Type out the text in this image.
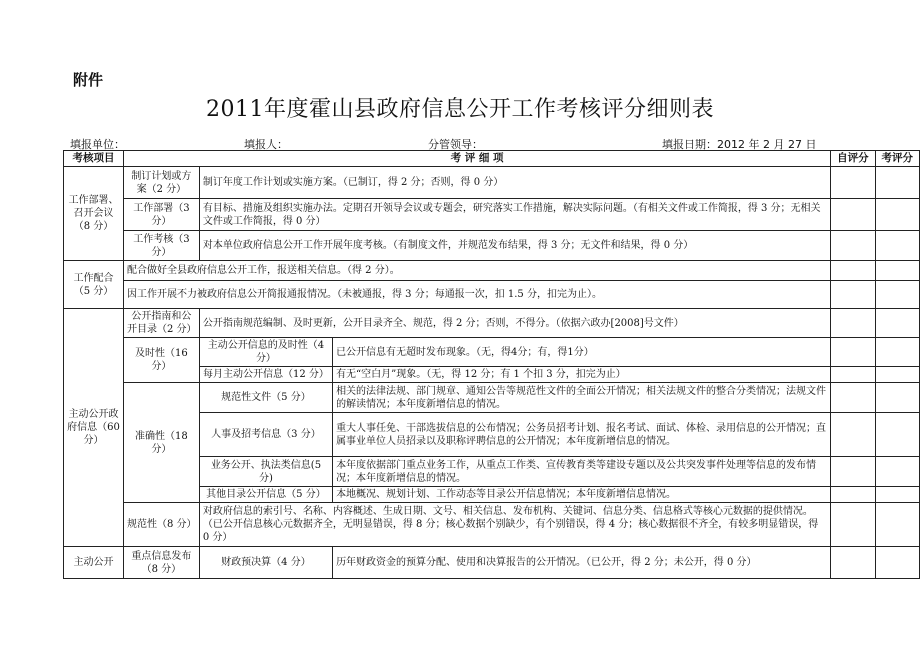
附件
2011年度霍山县政府信息公开工作考核评分细则表
填报单位：	填报人：	分管领导：	填报日期：2012 年 2 月 27 日
考核项目	考 评 细 项			自评分	考评分
工作部署、召开会议（8 分）	制订计划或方案（2 分）	制订年度工作计划或实施方案。（已制订，得 2 分；否则，得 0 分）			
	工作部署（3 分）	有目标、措施及组织实施办法。定期召开领导会议或专题会，研究落实工作措施，解决实际问题。（有相关文件或工作简报，得 3 分；无相关文件或工作简报，得 0 分）			
	工作考核（3 分）	对本单位政府信息公开工作开展年度考核。（有制度文件，并规范发布结果，得 3 分；无文件和结果，得 0 分）			
工作配合（5 分）	配合做好全县政府信息公开工作，报送相关信息。（得 2 分）。				
	因工作开展不力被政府信息公开简报通报情况。（未被通报，得 3 分；每通报一次，扣 1.5 分，扣完为止）。				
主动公开政府信息（60 分）	公开指南和公开目录（2 分）	公开指南规范编制、及时更新，公开目录齐全、规范，得 2 分；否则，不得分。（依据六政办[2008]号文件）			
	及时性（16 分）	主动公开信息的及时性（4 分）	已公开信息有无超时发布现象。（无，得4分；有，得1分）		
		每月主动公开信息（12 分）	有无“空白月”现象。（无，得 12 分；有 1 个扣 3 分，扣完为止）		
	准确性（18 分）	规范性文件（5 分）	相关的法律法规、部门规章、通知公告等规范性文件的全面公开情况；相关法规文件的整合分类情况；法规文件的解读情况；本年度新增信息的情况。		
		人事及招考信息（3 分）	重大人事任免、干部选拔信息的公布情况；公务员招考计划、报名考试、面试、体检、录用信息的公开情况；直属事业单位人员招录以及职称评聘信息的公开情况；本年度新增信息的情况。		
		业务公开、执法类信息(5 分)	本年度依据部门重点业务工作，从重点工作类、宣传教育类等建设专题以及公共突发事件处理等信息的发布情况；本年度新增信息的情况。		
		其他目录公开信息（5 分）	本地概况、规划计划、工作动态等目录公开信息情况；本年度新增信息情况。		
	规范性（8 分）	对政府信息的索引号、名称、内容概述、生成日期、文号、相关信息、发布机构、关键词、信息分类、信息格式等核心元数据的提供情况。（已公开信息核心元数据齐全，无明显错误，得 8 分；核心数据个别缺少，有个别错误，得 4 分；核心数据很不齐全，有较多明显错误，得 0 分）			
主动公开	重点信息发布（8 分）	财政预决算（4 分）	历年财政资金的预算分配、使用和决算报告的公开情况。（已公开，得 2 分；未公开，得 0 分）		
